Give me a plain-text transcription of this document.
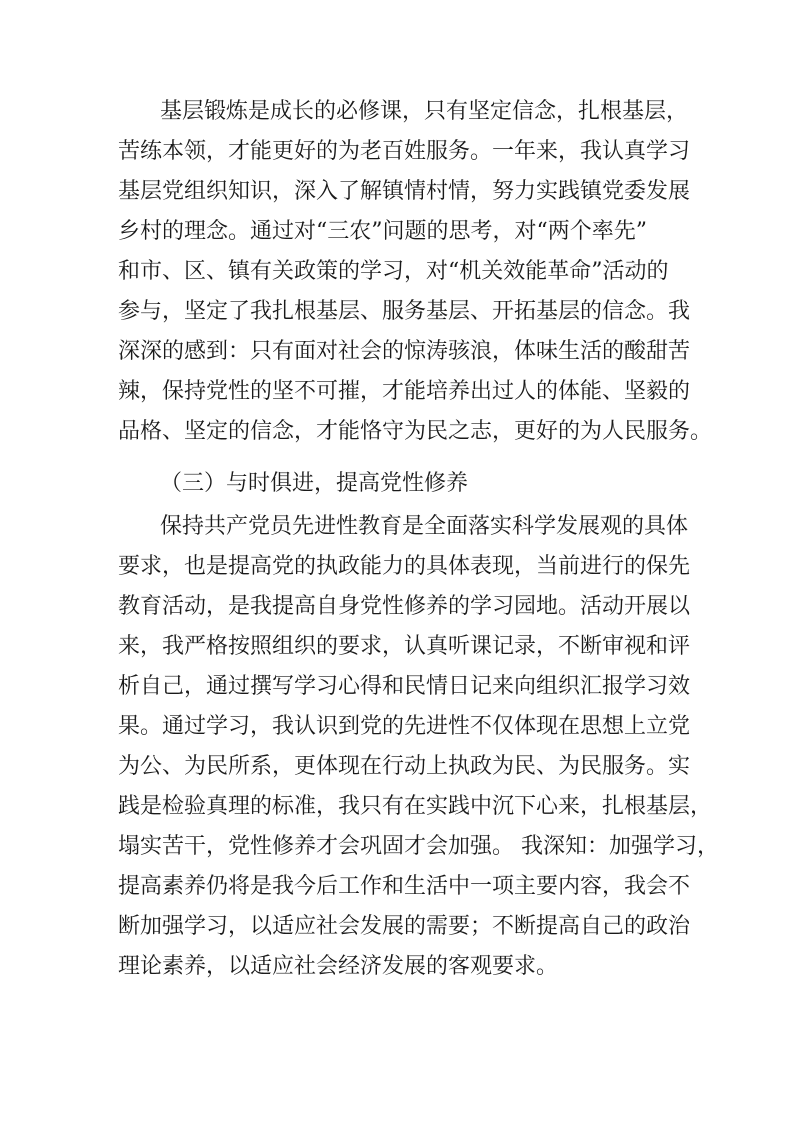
基层锻炼是成长的必修课，只有坚定信念，扎根基层，
苦练本领，才能更好的为老百姓服务。一年来，我认真学习
基层党组织知识，深入了解镇情村情，努力实践镇党委发展
乡村的理念。通过对“三农”问题的思考，对“两个率先”
和市、区、镇有关政策的学习，对“机关效能革命”活动的
参与，坚定了我扎根基层、服务基层、开拓基层的信念。我
深深的感到：只有面对社会的惊涛骇浪，体味生活的酸甜苦
辣，保持党性的坚不可摧，才能培养出过人的体能、坚毅的
品格、坚定的信念，才能恪守为民之志，更好的为人民服务。
（三）与时俱进，提高党性修养
保持共产党员先进性教育是全面落实科学发展观的具体
要求，也是提高党的执政能力的具体表现，当前进行的保先
教育活动，是我提高自身党性修养的学习园地。活动开展以
来，我严格按照组织的要求，认真听课记录，不断审视和评
析自己，通过撰写学习心得和民情日记来向组织汇报学习效
果。通过学习，我认识到党的先进性不仅体现在思想上立党
为公、为民所系，更体现在行动上执政为民、为民服务。实
践是检验真理的标准，我只有在实践中沉下心来，扎根基层，
塌实苦干，党性修养才会巩固才会加强。 我深知：加强学习，
提高素养仍将是我今后工作和生活中一项主要内容，我会不
断加强学习，以适应社会发展的需要；不断提高自己的政治
理论素养，以适应社会经济发展的客观要求。
